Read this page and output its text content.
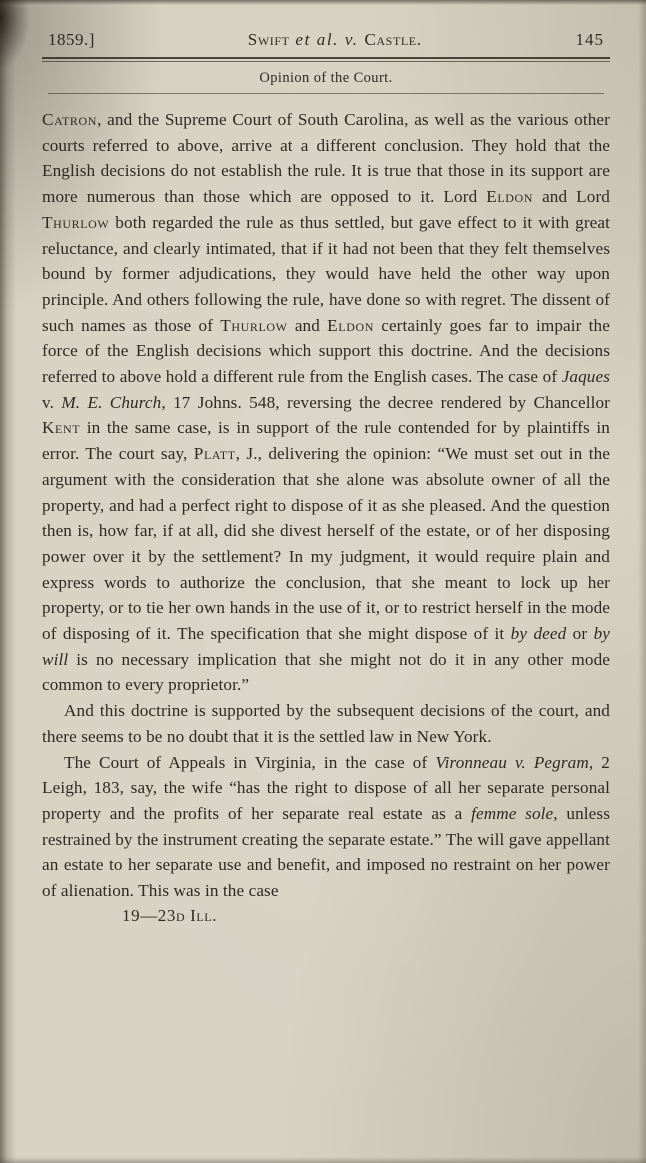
1859.]	Swift et al. v. Castle.	145
Opinion of the Court.

Catron, and the Supreme Court of South Carolina, as well as the various other courts referred to above, arrive at a different conclusion. They hold that the English decisions do not establish the rule. It is true that those in its support are more numerous than those which are opposed to it. Lord Eldon and Lord Thurlow both regarded the rule as thus settled, but gave effect to it with great reluctance, and clearly intimated, that if it had not been that they felt themselves bound by former adjudications, they would have held the other way upon principle. And others following the rule, have done so with regret. The dissent of such names as those of Thurlow and Eldon certainly goes far to impair the force of the English decisions which support this doctrine. And the decisions referred to above hold a different rule from the English cases. The case of Jaques v. M. E. Church, 17 Johns. 548, reversing the decree rendered by Chancellor Kent in the same case, is in support of the rule contended for by plaintiffs in error. The court say, Platt, J., delivering the opinion: “We must set out in the argument with the consideration that she alone was absolute owner of all the property, and had a perfect right to dispose of it as she pleased. And the question then is, how far, if at all, did she divest herself of the estate, or of her disposing power over it by the settlement? In my judgment, it would require plain and express words to authorize the conclusion, that she meant to lock up her property, or to tie her own hands in the use of it, or to restrict herself in the mode of disposing of it. The specification that she might dispose of it by deed or by will is no necessary implication that she might not do it in any other mode common to every proprietor.”

And this doctrine is supported by the subsequent decisions of the court, and there seems to be no doubt that it is the settled law in New York.

The Court of Appeals in Virginia, in the case of Vironneau v. Pegram, 2 Leigh, 183, say, the wife “has the right to dispose of all her separate personal property and the profits of her separate real estate as a femme sole, unless restrained by the instrument creating the separate estate.” The will gave appellant an estate to her separate use and benefit, and imposed no restraint on her power of alienation. This was in the case

19—23d Ill.
